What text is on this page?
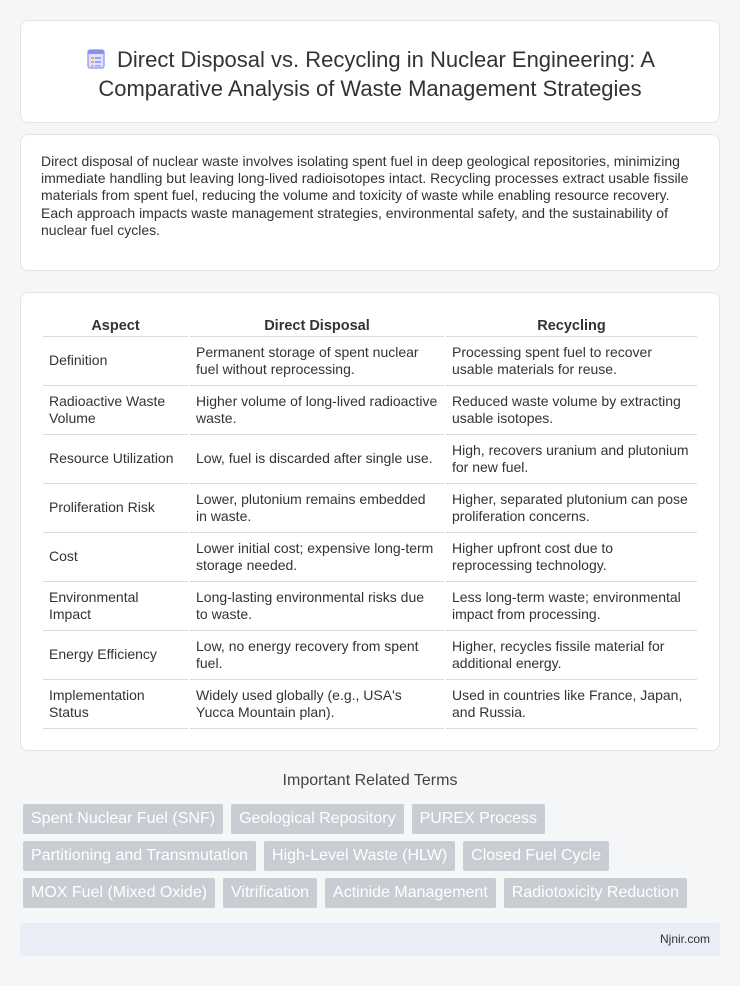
Direct Disposal vs. Recycling in Nuclear Engineering: A Comparative Analysis of Waste Management Strategies

Direct disposal of nuclear waste involves isolating spent fuel in deep geological repositories, minimizing immediate handling but leaving long-lived radioisotopes intact. Recycling processes extract usable fissile materials from spent fuel, reducing the volume and toxicity of waste while enabling resource recovery. Each approach impacts waste management strategies, environmental safety, and the sustainability of nuclear fuel cycles.

Aspect	Direct Disposal	Recycling
Definition	Permanent storage of spent nuclear fuel without reprocessing.	Processing spent fuel to recover usable materials for reuse.
Radioactive Waste Volume	Higher volume of long-lived radioactive waste.	Reduced waste volume by extracting usable isotopes.
Resource Utilization	Low, fuel is discarded after single use.	High, recovers uranium and plutonium for new fuel.
Proliferation Risk	Lower, plutonium remains embedded in waste.	Higher, separated plutonium can pose proliferation concerns.
Cost	Lower initial cost; expensive long-term storage needed.	Higher upfront cost due to reprocessing technology.
Environmental Impact	Long-lasting environmental risks due to waste.	Less long-term waste; environmental impact from processing.
Energy Efficiency	Low, no energy recovery from spent fuel.	Higher, recycles fissile material for additional energy.
Implementation Status	Widely used globally (e.g., USA's Yucca Mountain plan).	Used in countries like France, Japan, and Russia.
Important Related Terms
Spent Nuclear Fuel (SNF)	Geological Repository	PUREX Process
Partitioning and Transmutation	High-Level Waste (HLW)	Closed Fuel Cycle
MOX Fuel (Mixed Oxide)	Vitrification	Actinide Management	Radiotoxicity Reduction
Njnir.com
